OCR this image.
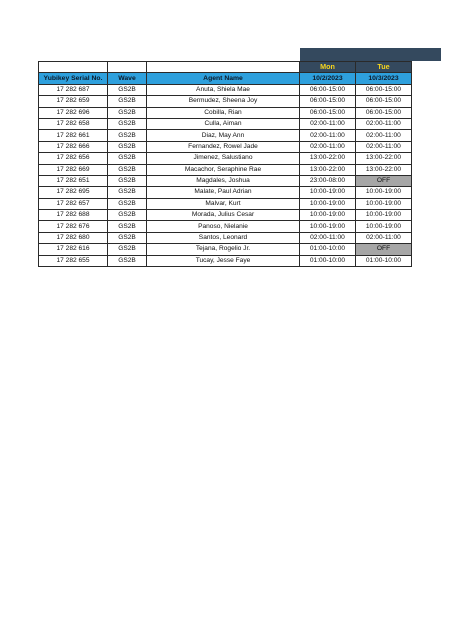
			Mon	Tue
Yubikey Serial No.	Wave	Agent Name	10/2/2023	10/3/2023
17 282 687	GS2B	Anuta, Shiela Mae	06:00-15:00	06:00-15:00
17 282 659	GS2B	Bermudez, Sheena Joy	06:00-15:00	06:00-15:00
17 282 696	GS2B	Cobilla, Rian	06:00-15:00	06:00-15:00
17 282 658	GS2B	Culla, Aiman	02:00-11:00	02:00-11:00
17 282 661	GS2B	Diaz, May Ann	02:00-11:00	02:00-11:00
17 282 666	GS2B	Fernandez, Rowel Jade	02:00-11:00	02:00-11:00
17 282 656	GS2B	Jimenez, Salustiano	13:00-22:00	13:00-22:00
17 282 669	GS2B	Macachor, Seraphine Rae	13:00-22:00	13:00-22:00
17 282 651	GS2B	Magdales, Joshua	23:00-08:00	OFF
17 282 695	GS2B	Malate, Paul Adrian	10:00-19:00	10:00-19:00
17 282 657	GS2B	Malvar, Kurt	10:00-19:00	10:00-19:00
17 282 688	GS2B	Morada, Julius Cesar	10:00-19:00	10:00-19:00
17 282 676	GS2B	Panoso, Nielanie	10:00-19:00	10:00-19:00
17 282 680	GS2B	Santos, Leonard	02:00-11:00	02:00-11:00
17 282 616	GS2B	Tejana, Rogelio Jr.	01:00-10:00	OFF
17 282 655	GS2B	Tucay, Jesse Faye	01:00-10:00	01:00-10:00
